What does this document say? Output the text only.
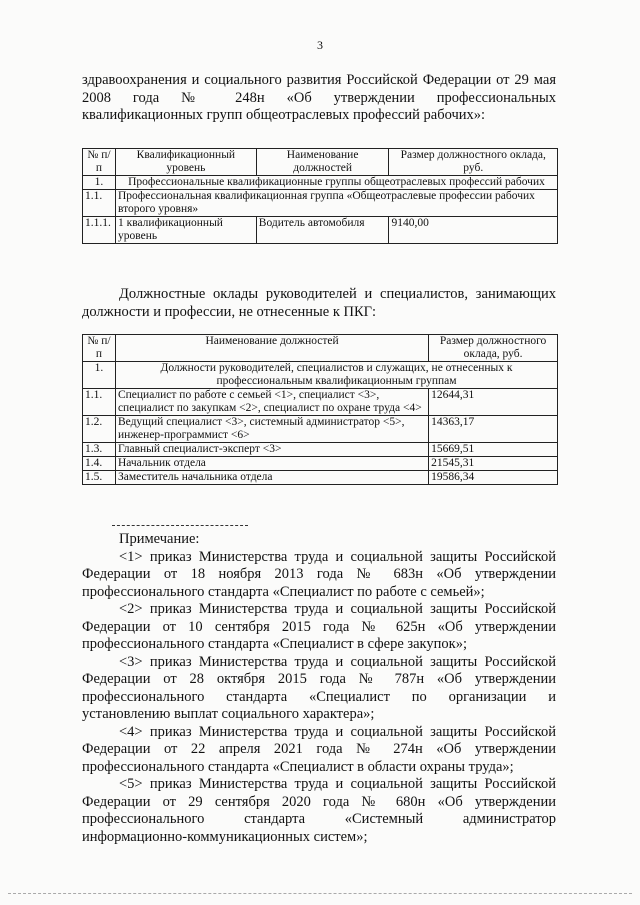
3
здравоохранения и социального развития Российской Федерации от 29 мая
2008 года № 248н «Об утверждении профессиональных
квалификационных групп общеотраслевых профессий рабочих»:
№ п/п	Квалификационный уровень	Наименование должностей	Размер должностного оклада, руб.
1.	Профессиональные квалификационные группы общеотраслевых профессий рабочих		
1.1.	Профессиональная квалификационная группа «Общеотраслевые профессии рабочих второго уровня»		
1.1.1.	1 квалификационный уровень	Водитель автомобиля	9140,00
Должностные оклады руководителей и специалистов, занимающих
должности и профессии, не отнесенные к ПКГ:
№ п/п	Наименование должностей	Размер должностного оклада, руб.
1.	Должности руководителей, специалистов и служащих, не отнесенных к профессиональным квалификационным группам	
1.1.	Специалист по работе с семьей <1>, специалист <3>, специалист по закупкам <2>, специалист по охране труда <4>	12644,31
1.2.	Ведущий специалист <3>, системный администратор <5>, инженер-программист <6>	14363,17
1.3.	Главный специалист-эксперт <3>	15669,51
1.4.	Начальник отдела	21545,31
1.5.	Заместитель начальника отдела	19586,34
Примечание:
<1> приказ Министерства труда и социальной защиты Российской
Федерации от 18 ноября 2013 года № 683н «Об утверждении
профессионального стандарта «Специалист по работе с семьей»;
<2> приказ Министерства труда и социальной защиты Российской
Федерации от 10 сентября 2015 года № 625н «Об утверждении
профессионального стандарта «Специалист в сфере закупок»;
<3> приказ Министерства труда и социальной защиты Российской
Федерации от 28 октября 2015 года № 787н «Об утверждении
профессионального стандарта «Специалист по организации и
установлению выплат социального характера»;
<4> приказ Министерства труда и социальной защиты Российской
Федерации от 22 апреля 2021 года № 274н «Об утверждении
профессионального стандарта «Специалист в области охраны труда»;
<5> приказ Министерства труда и социальной защиты Российской
Федерации от 29 сентября 2020 года № 680н «Об утверждении
профессионального стандарта «Системный администратор
информационно-коммуникационных систем»;
